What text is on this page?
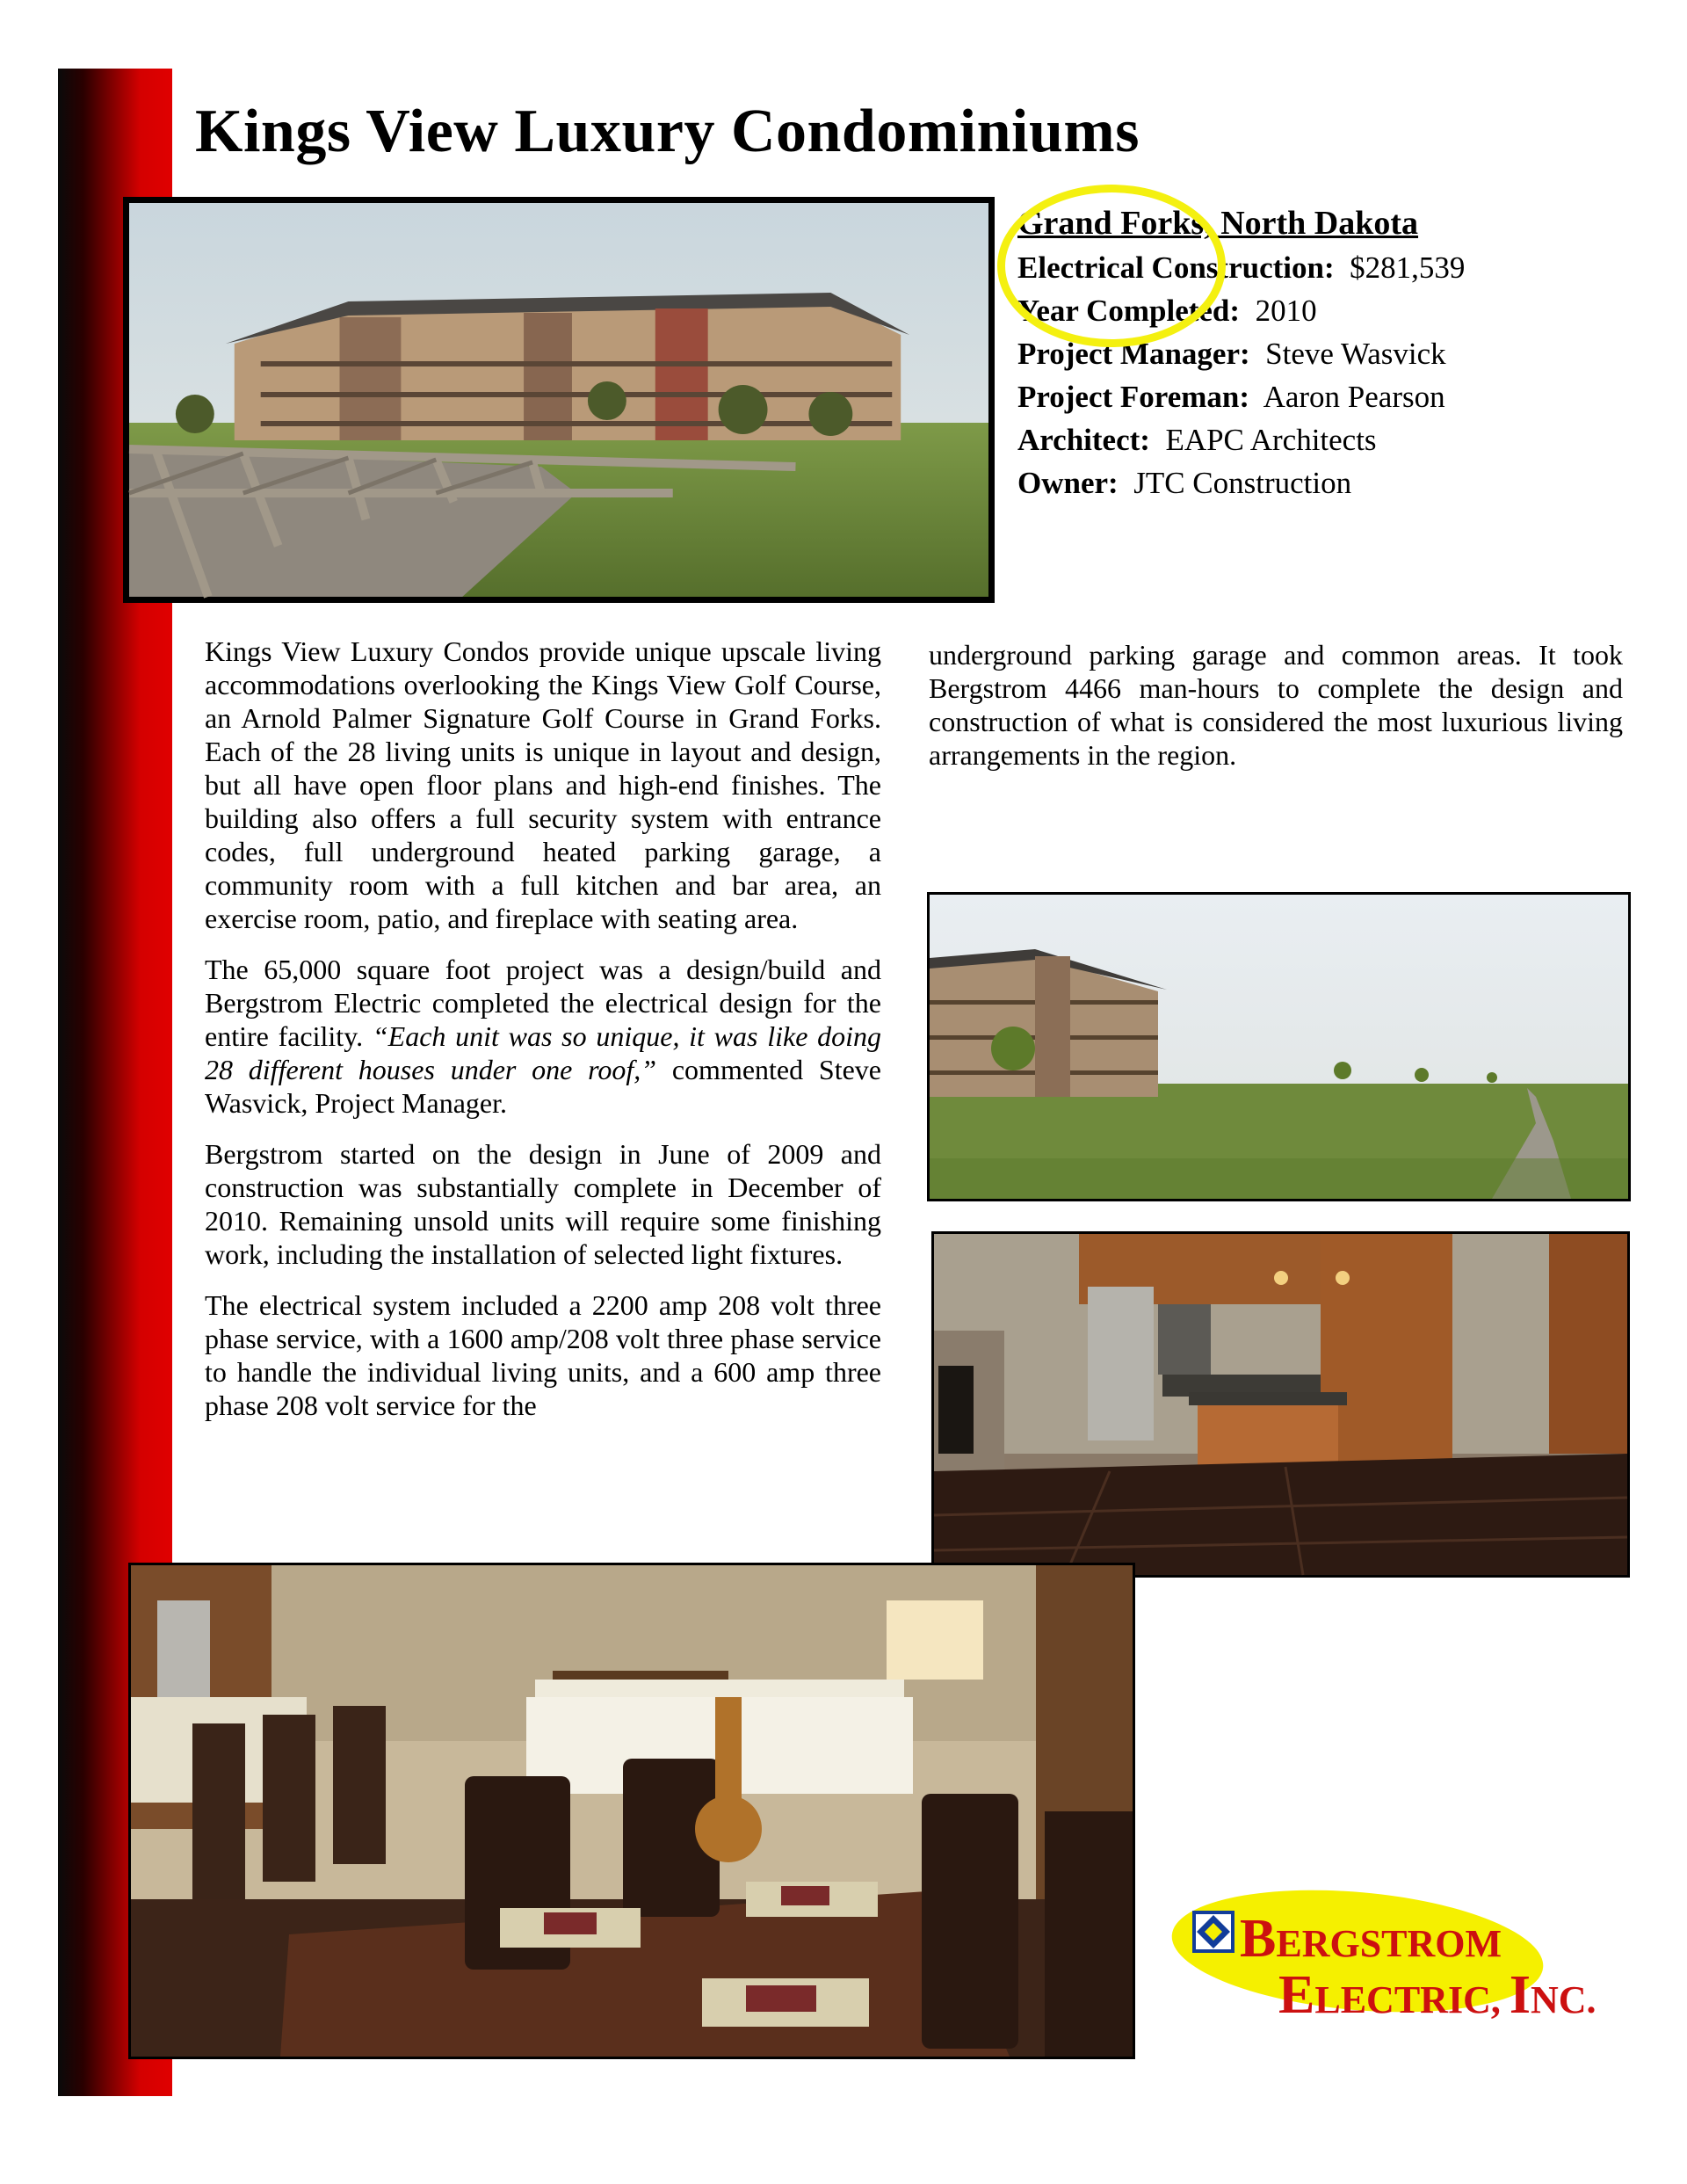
Kings View Luxury Condominiums
Grand Forks, North Dakota
Electrical Construction: $281,539
Year Completed: 2010
Project Manager: Steve Wasvick
Project Foreman: Aaron Pearson
Architect: EAPC Architects
Owner: JTC Construction

Kings View Luxury Condos provide unique upscale living accommodations overlooking the Kings View Golf Course, an Arnold Palmer Signature Golf Course in Grand Forks. Each of the 28 living units is unique in layout and design, but all have open floor plans and high-end finishes. The building also offers a full security system with entrance codes, full underground heated parking garage, a community room with a full kitchen and bar area, an exercise room, patio, and fireplace with seating area.

The 65,000 square foot project was a design/build and Bergstrom Electric completed the electrical design for the entire facility. “Each unit was so unique, it was like doing 28 different houses under one roof,” commented Steve Wasvick, Project Manager.

Bergstrom started on the design in June of 2009 and construction was substantially complete in December of 2010. Remaining unsold units will require some finishing work, including the installation of selected light fixtures.

The electrical system included a 2200 amp 208 volt three phase service, with a 1600 amp/208 volt three phase service to handle the individual living units, and a 600 amp three phase 208 volt service for the

underground parking garage and common areas. It took Bergstrom 4466 man-hours to complete the design and construction of what is considered the most luxurious living arrangements in the region.

BERGSTROM
ELECTRIC, INC.
